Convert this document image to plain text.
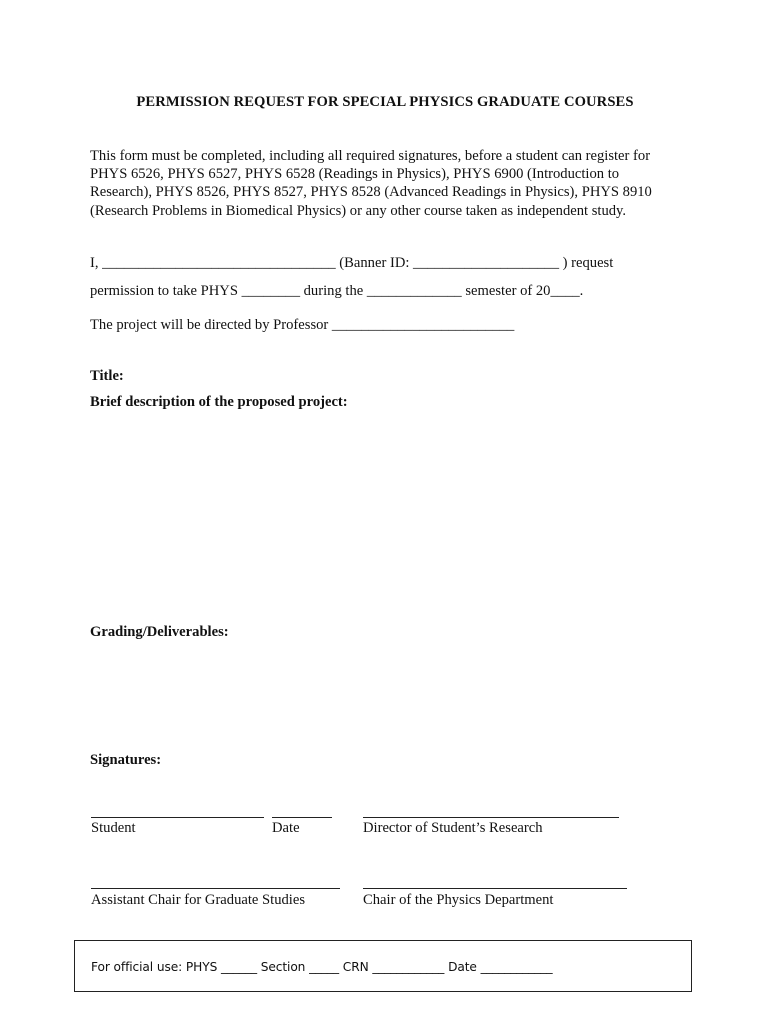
PERMISSION REQUEST FOR SPECIAL PHYSICS GRADUATE COURSES
This form must be completed, including all required signatures, before a student can register for
PHYS 6526, PHYS 6527, PHYS 6528 (Readings in Physics), PHYS 6900 (Introduction to
Research), PHYS 8526, PHYS 8527, PHYS 8528 (Advanced Readings in Physics), PHYS 8910
(Research Problems in Biomedical Physics) or any other course taken as independent study.
I, ________________________________ (Banner ID: ____________________ ) request
permission to take PHYS ________ during the _____________ semester of 20____.
The project will be directed by Professor _________________________
Title:
Brief description of the proposed project:
Grading/Deliverables:
Signatures:
Student	Date	Director of Student’s Research
Assistant Chair for Graduate Studies	Chair of the Physics Department
For official use: PHYS ______ Section _____ CRN ____________ Date ____________
